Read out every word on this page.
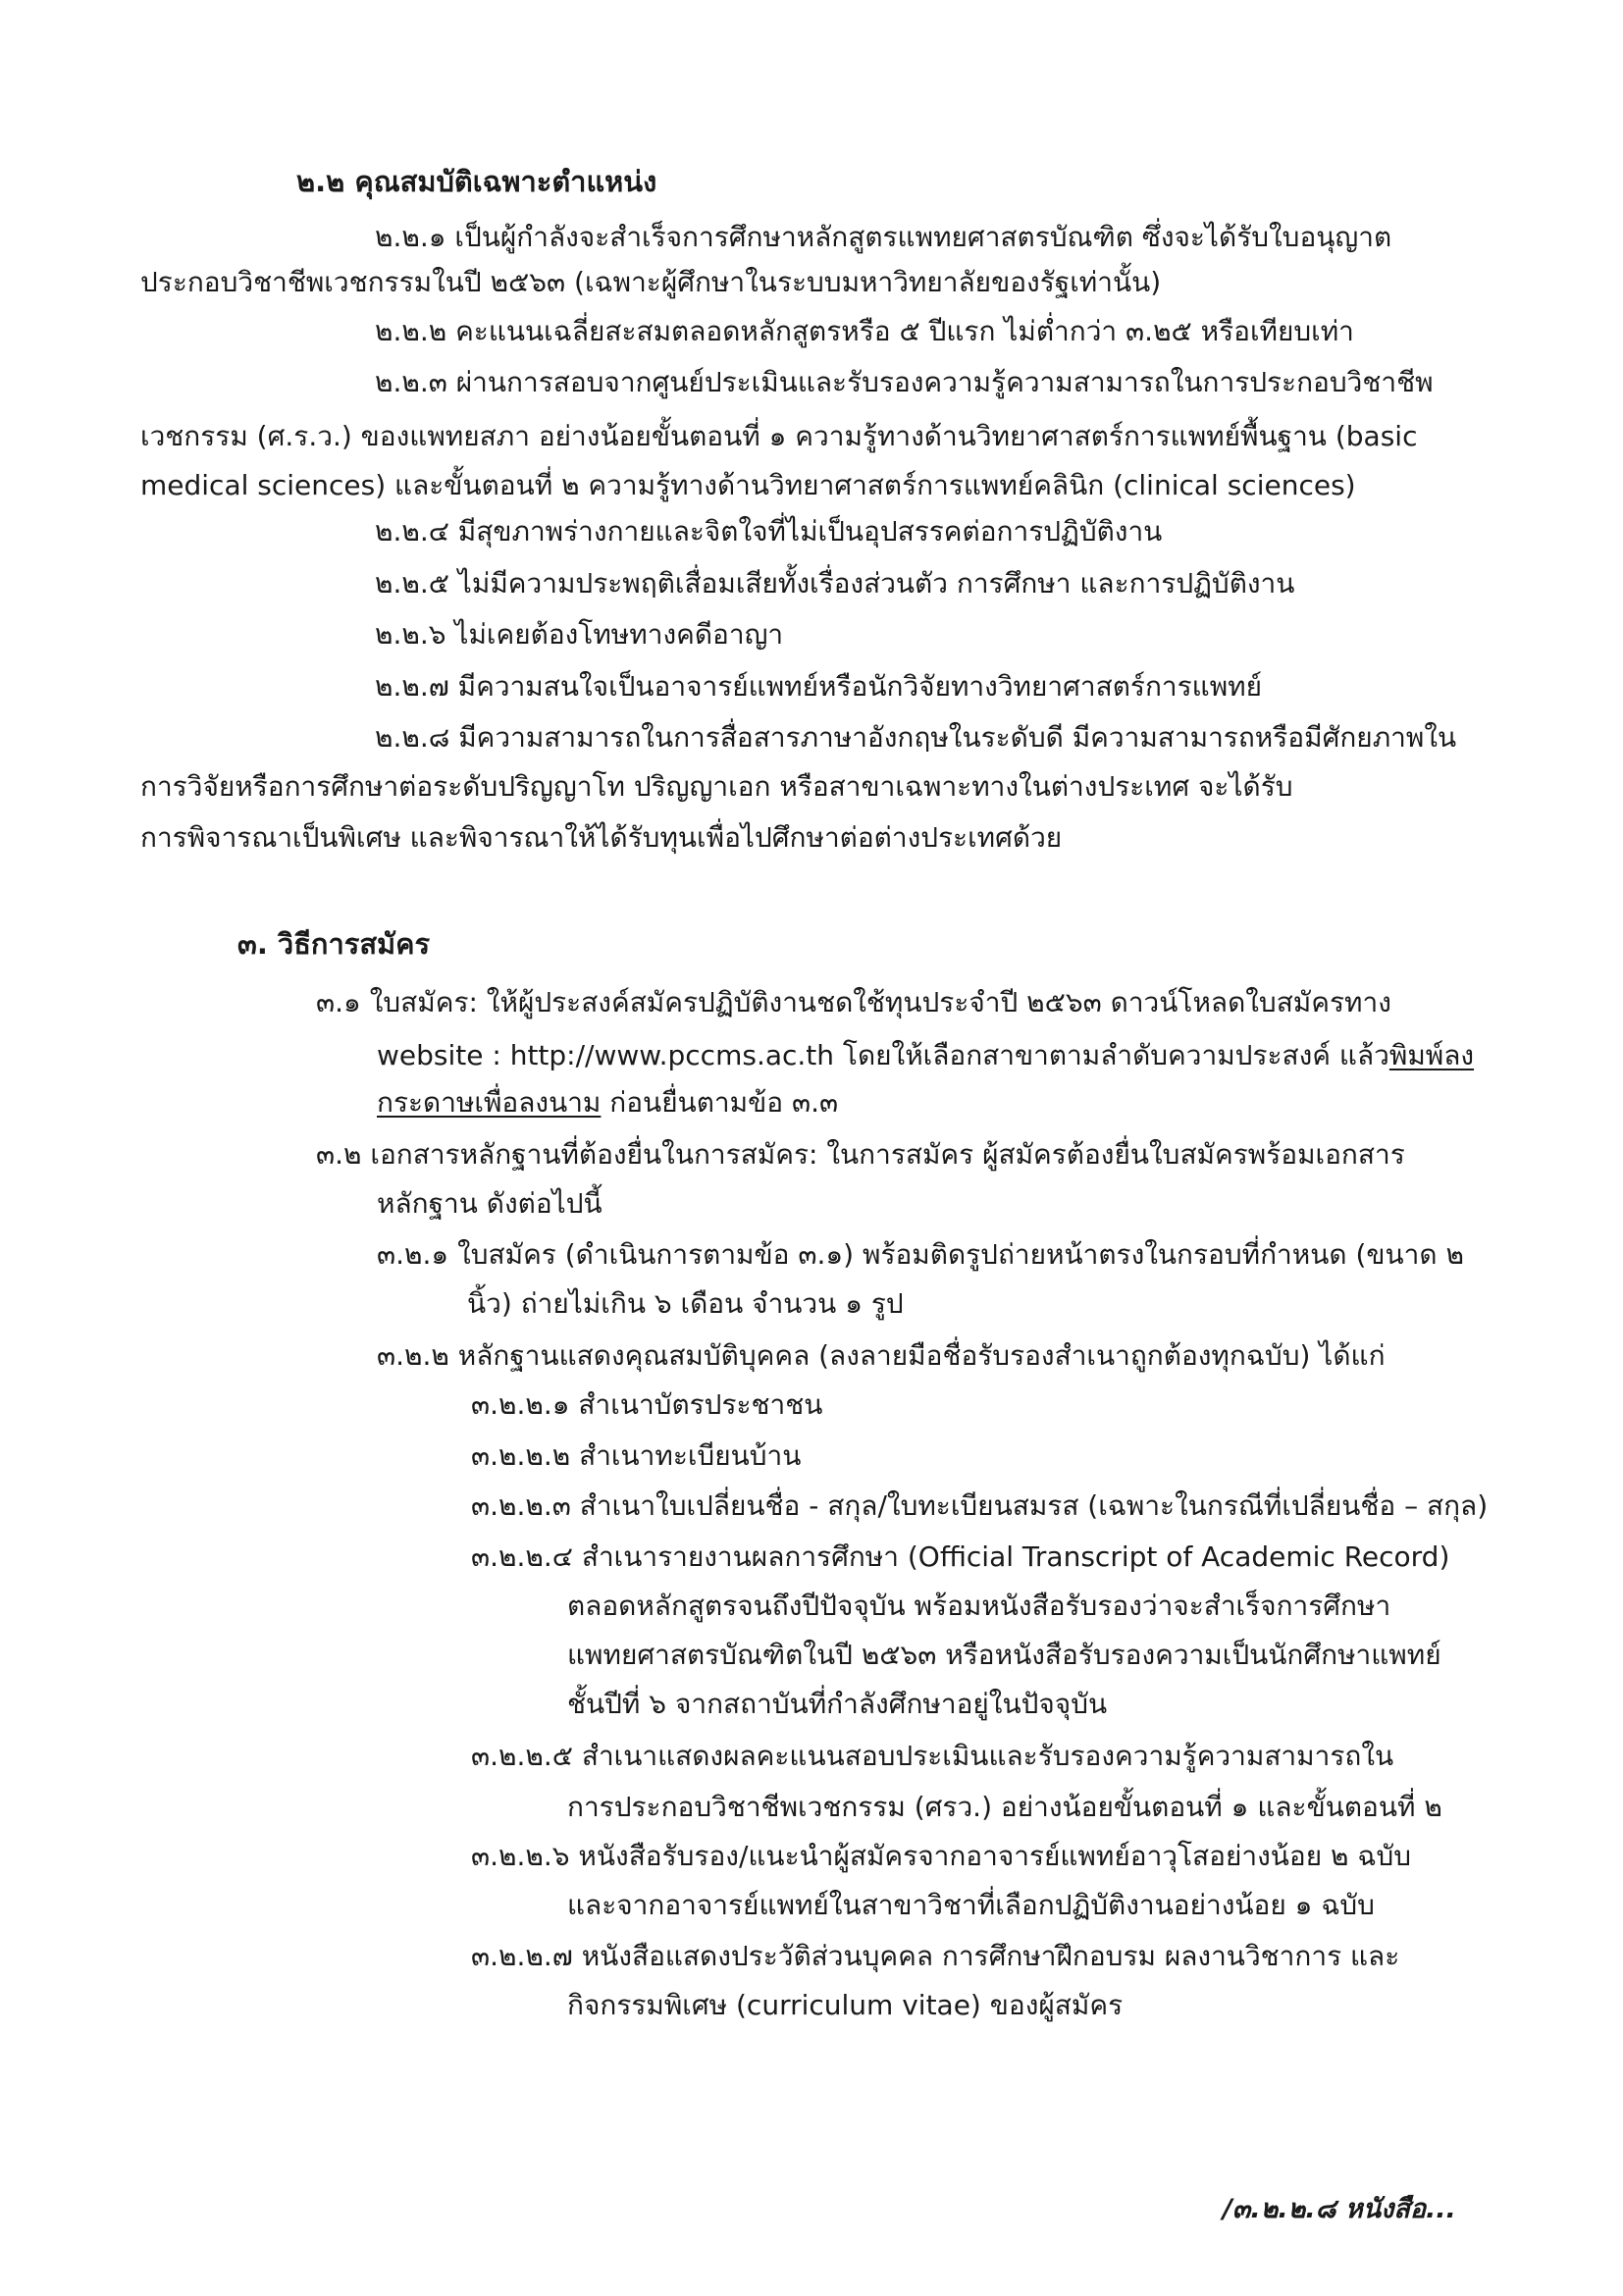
๒.๒ คุณสมบัติเฉพาะตำแหน่ง
๒.๒.๑ เป็นผู้กำลังจะสำเร็จการศึกษาหลักสูตรแพทยศาสตรบัณฑิต ซึ่งจะได้รับใบอนุญาต
ประกอบวิชาชีพเวชกรรมในปี ๒๕๖๓ (เฉพาะผู้ศึกษาในระบบมหาวิทยาลัยของรัฐเท่านั้น)
๒.๒.๒ คะแนนเฉลี่ยสะสมตลอดหลักสูตรหรือ ๕ ปีแรก ไม่ต่ำกว่า ๓.๒๕ หรือเทียบเท่า
๒.๒.๓ ผ่านการสอบจากศูนย์ประเมินและรับรองความรู้ความสามารถในการประกอบวิชาชีพ
เวชกรรม (ศ.ร.ว.) ของแพทยสภา อย่างน้อยขั้นตอนที่ ๑ ความรู้ทางด้านวิทยาศาสตร์การแพทย์พื้นฐาน (basic
medical sciences) และขั้นตอนที่ ๒ ความรู้ทางด้านวิทยาศาสตร์การแพทย์คลินิก (clinical sciences)
๒.๒.๔ มีสุขภาพร่างกายและจิตใจที่ไม่เป็นอุปสรรคต่อการปฏิบัติงาน
๒.๒.๕ ไม่มีความประพฤติเสื่อมเสียทั้งเรื่องส่วนตัว การศึกษา และการปฏิบัติงาน
๒.๒.๖ ไม่เคยต้องโทษทางคดีอาญา
๒.๒.๗ มีความสนใจเป็นอาจารย์แพทย์หรือนักวิจัยทางวิทยาศาสตร์การแพทย์
๒.๒.๘ มีความสามารถในการสื่อสารภาษาอังกฤษในระดับดี มีความสามารถหรือมีศักยภาพใน
การวิจัยหรือการศึกษาต่อระดับปริญญาโท ปริญญาเอก หรือสาขาเฉพาะทางในต่างประเทศ จะได้รับ
การพิจารณาเป็นพิเศษ และพิจารณาให้ได้รับทุนเพื่อไปศึกษาต่อต่างประเทศด้วย
๓. วิธีการสมัคร
๓.๑ ใบสมัคร: ให้ผู้ประสงค์สมัครปฏิบัติงานชดใช้ทุนประจำปี ๒๕๖๓ ดาวน์โหลดใบสมัครทาง
website : http://www.pccms.ac.th โดยให้เลือกสาขาตามลำดับความประสงค์ แล้วพิมพ์ลง
กระดาษเพื่อลงนาม ก่อนยื่นตามข้อ ๓.๓
๓.๒ เอกสารหลักฐานที่ต้องยื่นในการสมัคร: ในการสมัคร ผู้สมัครต้องยื่นใบสมัครพร้อมเอกสาร
หลักฐาน ดังต่อไปนี้
๓.๒.๑ ใบสมัคร (ดำเนินการตามข้อ ๓.๑) พร้อมติดรูปถ่ายหน้าตรงในกรอบที่กำหนด (ขนาด ๒
นิ้ว) ถ่ายไม่เกิน ๖ เดือน จำนวน ๑ รูป
๓.๒.๒ หลักฐานแสดงคุณสมบัติบุคคล (ลงลายมือชื่อรับรองสำเนาถูกต้องทุกฉบับ) ได้แก่
๓.๒.๒.๑ สำเนาบัตรประชาชน
๓.๒.๒.๒ สำเนาทะเบียนบ้าน
๓.๒.๒.๓ สำเนาใบเปลี่ยนชื่อ - สกุล/ใบทะเบียนสมรส (เฉพาะในกรณีที่เปลี่ยนชื่อ – สกุล)
๓.๒.๒.๔ สำเนารายงานผลการศึกษา (Official Transcript of Academic Record)
ตลอดหลักสูตรจนถึงปีปัจจุบัน พร้อมหนังสือรับรองว่าจะสำเร็จการศึกษา
แพทยศาสตรบัณฑิตในปี ๒๕๖๓ หรือหนังสือรับรองความเป็นนักศึกษาแพทย์
ชั้นปีที่ ๖ จากสถาบันที่กำลังศึกษาอยู่ในปัจจุบัน
๓.๒.๒.๕ สำเนาแสดงผลคะแนนสอบประเมินและรับรองความรู้ความสามารถใน
การประกอบวิชาชีพเวชกรรม (ศรว.) อย่างน้อยขั้นตอนที่ ๑ และขั้นตอนที่ ๒
๓.๒.๒.๖ หนังสือรับรอง/แนะนำผู้สมัครจากอาจารย์แพทย์อาวุโสอย่างน้อย ๒ ฉบับ
และจากอาจารย์แพทย์ในสาขาวิชาที่เลือกปฏิบัติงานอย่างน้อย ๑ ฉบับ
๓.๒.๒.๗ หนังสือแสดงประวัติส่วนบุคคล การศึกษาฝึกอบรม ผลงานวิชาการ และ
กิจกรรมพิเศษ (curriculum vitae) ของผู้สมัคร
/๓.๒.๒.๘ หนังสือ...
